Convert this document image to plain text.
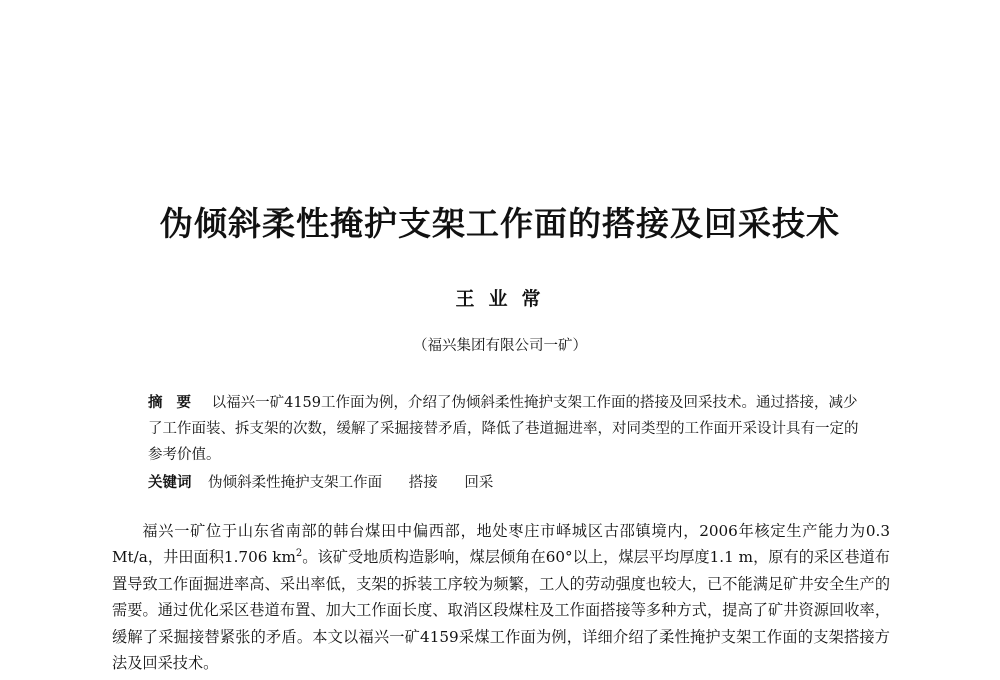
伪倾斜柔性掩护支架工作面的搭接及回采技术
王业常
（福兴集团有限公司一矿）
摘要 以福兴一矿4159工作面为例，介绍了伪倾斜柔性掩护支架工作面的搭接及回采技术。通过搭接，减少了工作面装、拆支架的次数，缓解了采掘接替矛盾，降低了巷道掘进率，对同类型的工作面开采设计具有一定的参考价值。
关键词 伪倾斜柔性掩护支架工作面 搭接 回采
福兴一矿位于山东省南部的韩台煤田中偏西部，地处枣庄市峄城区古邵镇境内，2006年核定生产能力为0.3 Mt/a，井田面积1.706 $km^2$。该矿受地质构造影响，煤层倾角在60°以上，煤层平均厚度1.1 m，原有的采区巷道布置导致工作面掘进率高、采出率低，支架的拆装工序较为频繁，工人的劳动强度也较大，已不能满足矿井安全生产的需要。通过优化采区巷道布置、加大工作面长度、取消区段煤柱及工作面搭接等多种方式，提高了矿井资源回收率，缓解了采掘接替紧张的矛盾。本文以福兴一矿4159采煤工作面为例，详细介绍了柔性掩护支架工作面的支架搭接方法及回采技术。
